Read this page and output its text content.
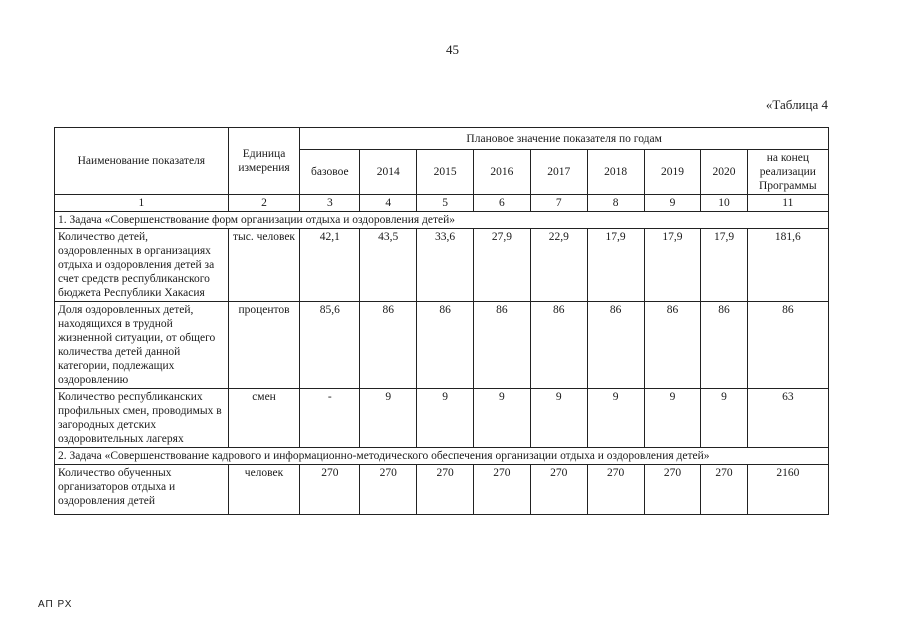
45
«Таблица 4
Наименование показателя	Единица измерения	Плановое значение показателя по годам								
		базовое	2014	2015	2016	2017	2018	2019	2020	на конец реализации Программы
1	2	3	4	5	6	7	8	9	10	11
1. Задача «Совершенствование форм организации отдыха и оздоровления детей»										
Количество детей, оздоровленных в организациях отдыха и оздоровления детей за счет средств республиканского бюджета Республики Хакасия	тыс. человек	42,1	43,5	33,6	27,9	22,9	17,9	17,9	17,9	181,6
Доля оздоровленных детей, находящихся в трудной жизненной ситуации, от общего количества детей данной категории, подлежащих оздоровлению	процентов	85,6	86	86	86	86	86	86	86	86
Количество республиканских профильных смен, проводимых в загородных детских оздоровительных лагерях	смен	-	9	9	9	9	9	9	9	63
2. Задача «Совершенствование кадрового и информационно-методического обеспечения организации отдыха и оздоровления детей»										
Количество обученных организаторов отдыха и оздоровления детей	человек	270	270	270	270	270	270	270	270	2160
АП РХ
